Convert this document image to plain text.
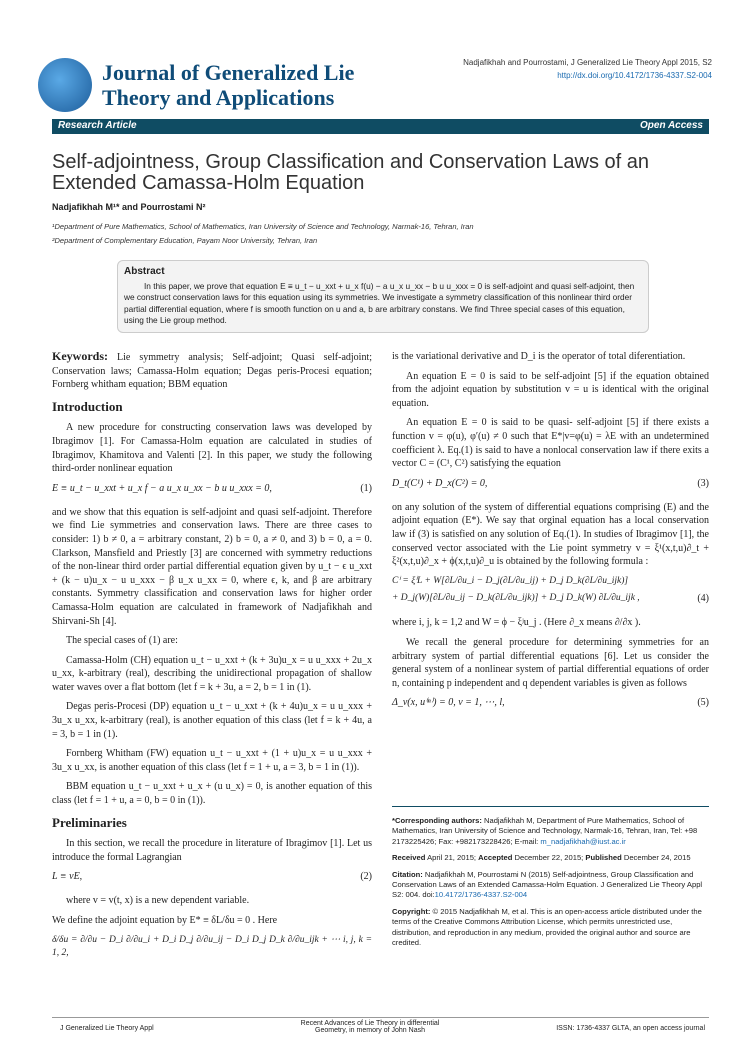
Journal of Generalized Lie Theory and Applications
Nadjafikhah and Pourrostami, J Generalized Lie Theory Appl 2015, S2
http://dx.doi.org/10.4172/1736-4337.S2-004
Research Article	Open Access
Self-adjointness, Group Classification and Conservation Laws of an Extended Camassa-Holm Equation
Nadjafikhah M¹* and Pourrostami N²
¹Department of Pure Mathematics, School of Mathematics, Iran University of Science and Technology, Narmak-16, Tehran, Iran
²Department of Complementary Education, Payam Noor University, Tehran, Iran
Abstract
In this paper, we prove that equation E ≡ u_t − u_xxt + u_x f(u) − a u_x u_xx − b u u_xxx = 0 is self-adjoint and quasi self-adjoint, then we construct conservation laws for this equation using its symmetries. We investigate a symmetry classification of this nonlinear third order partial differential equation, where f is smooth function on u and a, b are arbitrary constans. We find Three special cases of this equation, using the Lie group method.

Keywords: Lie symmetry analysis; Self-adjoint; Quasi self-adjoint; Conservation laws; Camassa-Holm equation; Degas peris-Procesi equation; Fornberg whitham equation; BBM equation

Introduction

A new procedure for constructing conservation laws was developed by Ibragimov [1]. For Camassa-Holm equation are calculated in studies of Ibragimov, Khamitova and Valenti [2]. In this paper, we study the following third-order nonlinear equation

E ≡ u_t − u_xxt + u_x f − a u_x u_xx − b u u_xxx = 0,	(1)

and we show that this equation is self-adjoint and quasi self-adjoint. Therefore we find Lie symmetries and conservation laws. There are three cases to consider: 1) b ≠ 0, a = arbitrary constant, 2) b = 0, a ≠ 0, and 3) b = 0, a = 0. Clarkson, Mansfield and Priestly [3] are concerned with symmetry reductions of the non-linear third order partial differential equation given by u_t − ϵ u_xxt + (k − u)u_x − u u_xxx − β u_x u_xx = 0, where ϵ, k, and β are arbitrary constants. Symmetry classification and conservation laws for higher order Camassa-Holm equation are calculated in framework of Nadjafikhah and Shirvani-Sh [4].

The special cases of (1) are:

Camassa-Holm (CH) equation u_t − u_xxt + (k + 3u)u_x = u u_xxx + 2u_x u_xx, k-arbitrary (real), describing the unidirectional propagation of shallow water waves over a flat bottom (let f = k + 3u, a = 2, b = 1 in (1).

Degas peris-Procesi (DP) equation u_t − u_xxt + (k + 4u)u_x = u u_xxx + 3u_x u_xx, k-arbitrary (real), is another equation of this class (let f = k + 4u, a = 3, b = 1 in (1).

Fornberg Whitham (FW) equation u_t − u_xxt + (1 + u)u_x = u u_xxx + 3u_x u_xx, is another equation of this class (let f = 1 + u, a = 3, b = 1 in (1)).

BBM equation u_t − u_xxt + u_x + (u u_x) = 0, is another equation of this class (let f = 1 + u, a = 0, b = 0 in (1)).

Preliminaries

In this section, we recall the procedure in literature of Ibragimov [1]. Let us introduce the formal Lagrangian

L ≡ vE,	(2)

where v = v(t, x) is a new dependent variable.

We define the adjoint equation by E* ≡ δL/δu = 0 . Here

δ/δu = ∂/∂u − D_i ∂/∂u_i + D_i D_j ∂/∂u_ij − D_i D_j D_k ∂/∂u_ijk + ⋯ i, j, k = 1, 2,

is the variational derivative and D_i is the operator of total diferentiation.

An equation E = 0 is said to be self-adjoint [5] if the equation obtained from the adjoint equation by substitution v = u is identical with the original equation.

An equation E = 0 is said to be quasi- self-adjoint [5] if there exists a function v = φ(u), φ′(u) ≠ 0 such that E*|v=φ(u) = λE with an undetermined coefficient λ. Eq.(1) is said to have a nonlocal conservation law if there exits a vector C = (C¹, C²) satisfying the equation

D_t(C¹) + D_x(C²) = 0,	(3)

on any solution of the system of differential equations comprising (E) and the adjoint equation (E*). We say that orginal equation has a local conservation law if (3) is satisfied on any solution of Eq.(1). In studies of Ibragimov [1], the conserved vector associated with the Lie point symmetry v = ξ¹(x,t,u)∂_t + ξ²(x,t,u)∂_x + ϕ(x,t,u)∂_u is obtained by the following formula :

Cⁱ = ξⁱL + W[∂L/∂u_i − D_j(∂L/∂u_ij) + D_j D_k(∂L/∂u_ijk)]
+ D_j(W)[∂L/∂u_ij − D_k(∂L/∂u_ijk)] + D_j D_k(W) ∂L/∂u_ijk ,	(4)

where i, j, k = 1,2 and W = ϕ − ξʲu_j . (Here ∂_x means ∂/∂x ).

We recall the general procedure for determining symmetries for an arbitrary system of partial differential equations [6]. Let us consider the general system of a nonlinear system of partial differential equations of order n, containing p independent and q dependent variables is given as follows

Δ_v(x, u⁽ⁿ⁾) = 0, v = 1, ⋯, l,	(5)
*Corresponding authors: Nadjafikhah M, Department of Pure Mathematics, School of Mathematics, Iran University of Science and Technology, Narmak-16, Tehran, Iran, Tel: +98 2173225426; Fax: +982173228426; E-mail: m_nadjafikhah@iust.ac.ir
Received April 21, 2015; Accepted December 22, 2015; Published December 24, 2015
Citation: Nadjafikhah M, Pourrostami N (2015) Self-adjointness, Group Classification and Conservation Laws of an Extended Camassa-Holm Equation. J Generalized Lie Theory Appl S2: 004. doi:10.4172/1736-4337.S2-004
Copyright: © 2015 Nadjafikhah M, et al. This is an open-access article distributed under the terms of the Creative Commons Attribution License, which permits unrestricted use, distribution, and reproduction in any medium, provided the original author and source are credited.
J Generalized Lie Theory Appl
Recent Advances of Lie Theory in differential Geometry, in memory of John Nash	ISSN: 1736-4337 GLTA, an open access journal
